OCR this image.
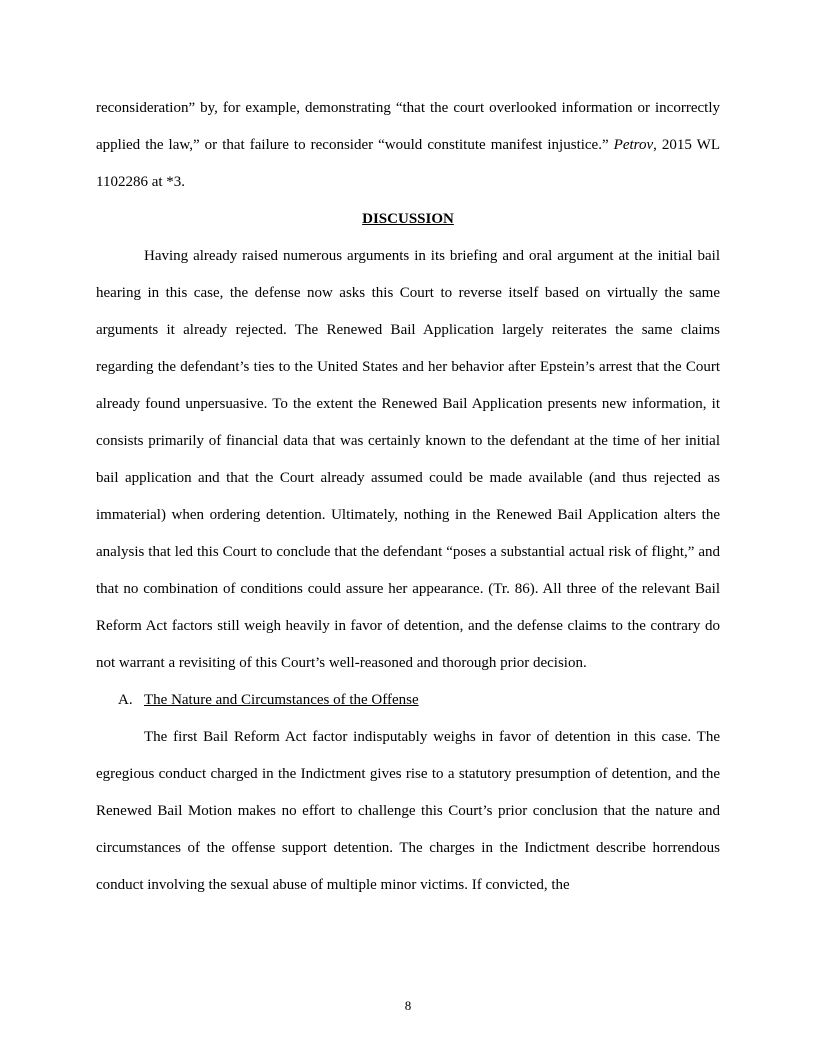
reconsideration” by, for example, demonstrating “that the court overlooked information or incorrectly applied the law,” or that failure to reconsider “would constitute manifest injustice.” Petrov, 2015 WL 1102286 at *3.

DISCUSSION

Having already raised numerous arguments in its briefing and oral argument at the initial bail hearing in this case, the defense now asks this Court to reverse itself based on virtually the same arguments it already rejected. The Renewed Bail Application largely reiterates the same claims regarding the defendant’s ties to the United States and her behavior after Epstein’s arrest that the Court already found unpersuasive. To the extent the Renewed Bail Application presents new information, it consists primarily of financial data that was certainly known to the defendant at the time of her initial bail application and that the Court already assumed could be made available (and thus rejected as immaterial) when ordering detention. Ultimately, nothing in the Renewed Bail Application alters the analysis that led this Court to conclude that the defendant “poses a substantial actual risk of flight,” and that no combination of conditions could assure her appearance. (Tr. 86). All three of the relevant Bail Reform Act factors still weigh heavily in favor of detention, and the defense claims to the contrary do not warrant a revisiting of this Court’s well-reasoned and thorough prior decision.

A. The Nature and Circumstances of the Offense

The first Bail Reform Act factor indisputably weighs in favor of detention in this case. The egregious conduct charged in the Indictment gives rise to a statutory presumption of detention, and the Renewed Bail Motion makes no effort to challenge this Court’s prior conclusion that the nature and circumstances of the offense support detention. The charges in the Indictment describe horrendous conduct involving the sexual abuse of multiple minor victims. If convicted, the

8
